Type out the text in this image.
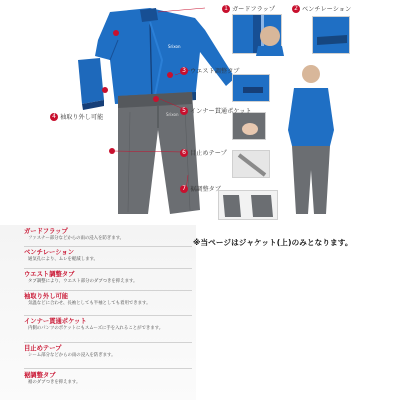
Srixon
Srixon
1 ガードフラップ	2 ベンチレーション
3 ウエスト調整タブ
4 袖取り外し可能
5 インナー貫通ポケット
6 目止めテープ
7 裾調整タブ
ガードフラップ
ファスナー部分などからの雨の浸入を防ぎます。
ベンチレーション
通気孔により、ムレを軽減します。
ウエスト調整タブ
タブ調整により、ウエスト部分のダブつきを抑えます。
袖取り外し可能
気温などに合わせ、長袖としても半袖としても着用できます。
インナー貫通ポケット
内側のパンツのポケットにもスムーズに手を入れることができます。
目止めテープ
シーム部分などからの雨の浸入を防ぎます。
裾調整タブ
裾のダブつきを抑えます。
※当ページはジャケット(上)のみとなります。
